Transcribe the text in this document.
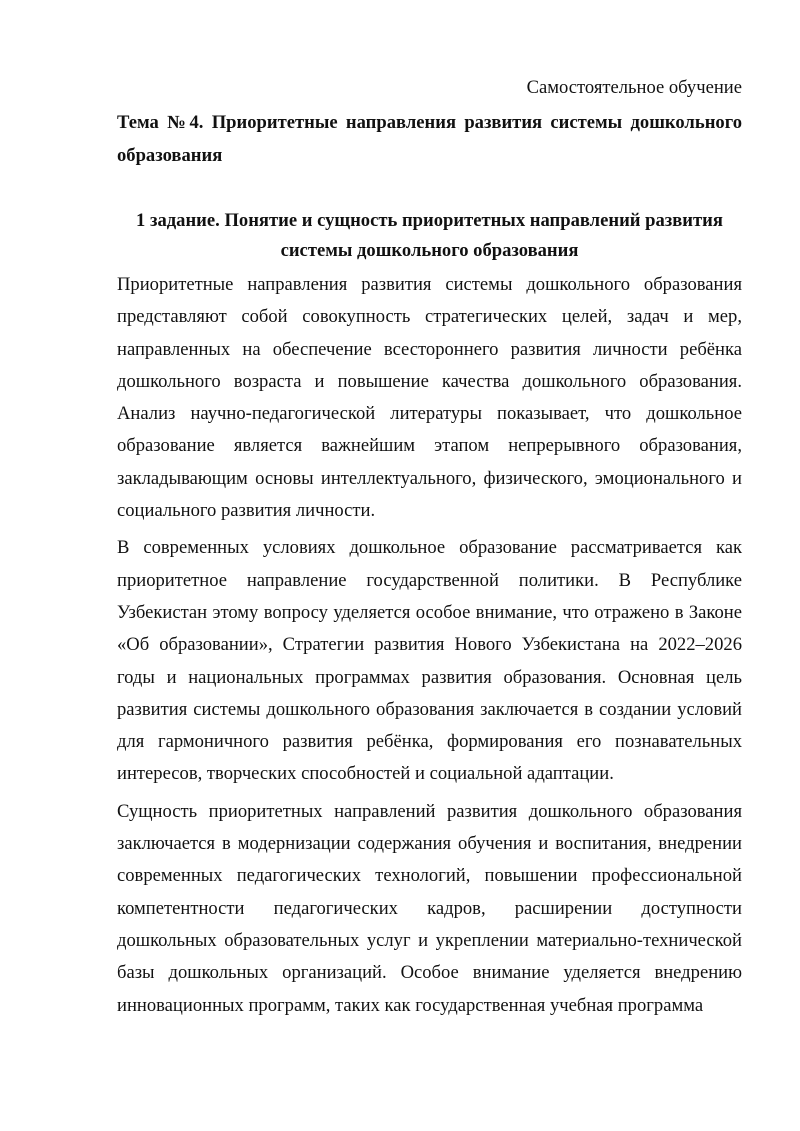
Самостоятельное обучение

Тема №4. Приоритетные направления развития системы дошкольного образования

1 задание. Понятие и сущность приоритетных направлений развития системы дошкольного образования

Приоритетные направления развития системы дошкольного образования представляют собой совокупность стратегических целей, задач и мер, направленных на обеспечение всестороннего развития личности ребёнка дошкольного возраста и повышение качества дошкольного образования. Анализ научно-педагогической литературы показывает, что дошкольное образование является важнейшим этапом непрерывного образования, закладывающим основы интеллектуального, физического, эмоционального и социального развития личности.

В современных условиях дошкольное образование рассматривается как приоритетное направление государственной политики. В Республике Узбекистан этому вопросу уделяется особое внимание, что отражено в Законе «Об образовании», Стратегии развития Нового Узбекистана на 2022–2026 годы и национальных программах развития образования. Основная цель развития системы дошкольного образования заключается в создании условий для гармоничного развития ребёнка, формирования его познавательных интересов, творческих способностей и социальной адаптации.

Сущность приоритетных направлений развития дошкольного образования заключается в модернизации содержания обучения и воспитания, внедрении современных педагогических технологий, повышении профессиональной компетентности педагогических кадров, расширении доступности дошкольных образовательных услуг и укреплении материально-технической базы дошкольных организаций. Особое внимание уделяется внедрению инновационных программ, таких как государственная учебная программа
